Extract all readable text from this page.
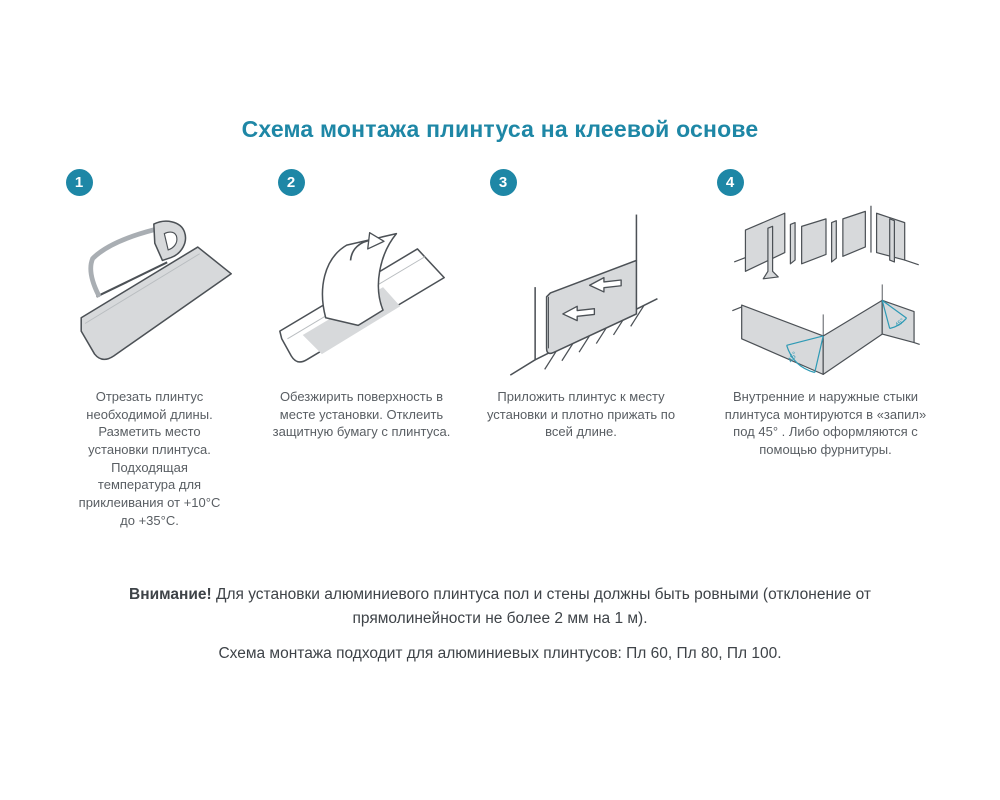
Схема монтажа плинтуса на клеевой основе
1

Отрезать плинтус необходимой длины. Разметить место установки плинтуса. Подходящая температура для приклеивания от +10°С до +35°С.

2

Обезжирить поверхность в месте установки. Отклеить защитную бумагу с плинтуса.

3

Приложить плинтус к месту установки и плотно прижать по всей длине.

4
45°
45°

Внутренние и наружные стыки плинтуса монтируются в «запил» под 45° . Либо оформляются с помощью фурнитуры.

Внимание! Для установки алюминиевого плинтуса пол и стены должны быть ровными (отклонение от прямолинейности не более 2 мм на 1 м).

Схема монтажа подходит для алюминиевых плинтусов: Пл 60, Пл 80, Пл 100.
